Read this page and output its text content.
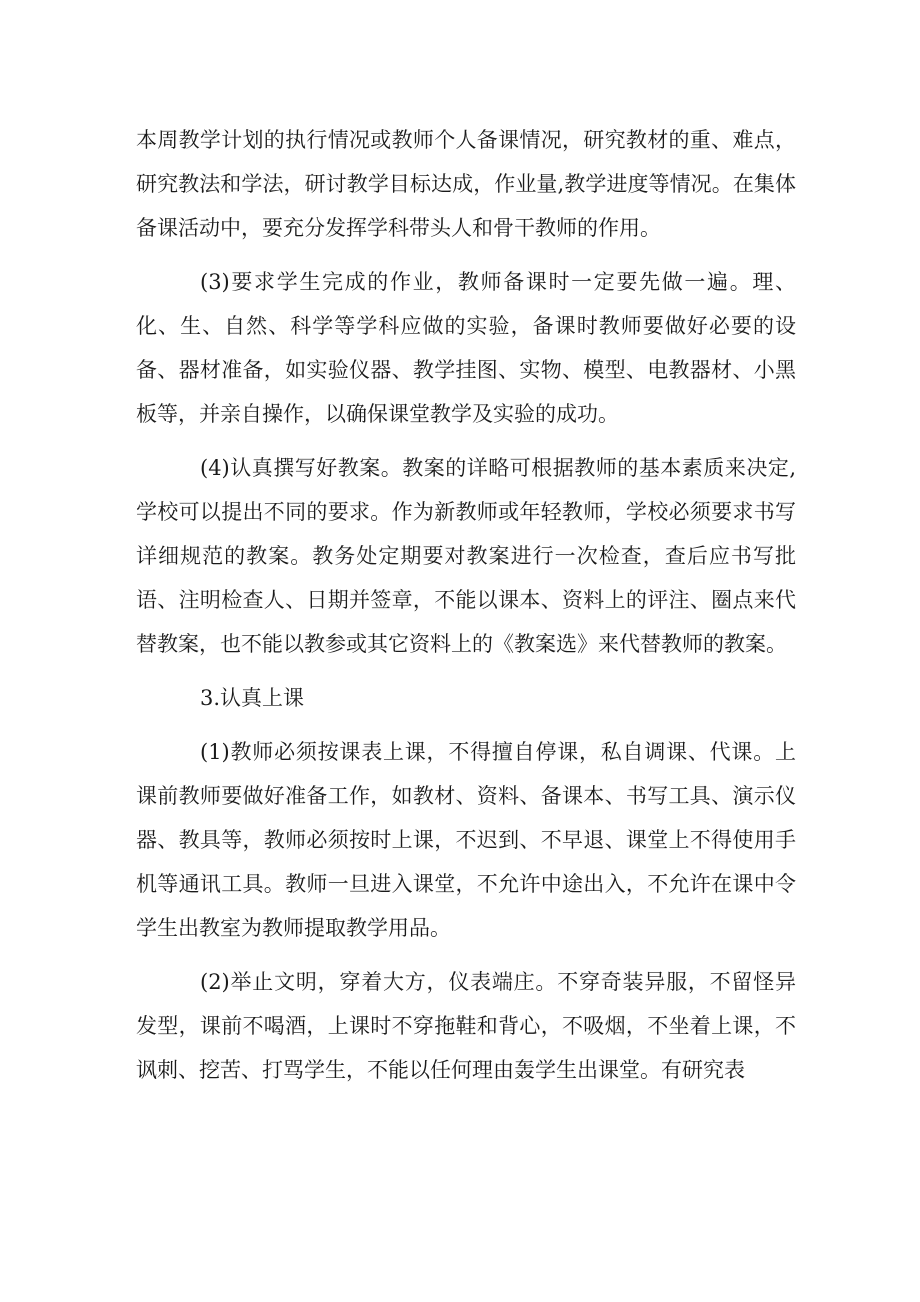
本周教学计划的执行情况或教师个人备课情况，研究教材的重、难点，研究教法和学法，研讨教学目标达成，作业量,教学进度等情况。在集体备课活动中，要充分发挥学科带头人和骨干教师的作用。

(3)要求学生完成的作业，教师备课时一定要先做一遍。理、化、生、自然、科学等学科应做的实验，备课时教师要做好必要的设备、器材准备，如实验仪器、教学挂图、实物、模型、电教器材、小黑板等，并亲自操作，以确保课堂教学及实验的成功。

(4)认真撰写好教案。教案的详略可根据教师的基本素质来决定,学校可以提出不同的要求。作为新教师或年轻教师，学校必须要求书写详细规范的教案。教务处定期要对教案进行一次检查，查后应书写批语、注明检查人、日期并签章，不能以课本、资料上的评注、圈点来代替教案，也不能以教参或其它资料上的《教案选》来代替教师的教案。

3.认真上课

(1)教师必须按课表上课，不得擅自停课，私自调课、代课。上课前教师要做好准备工作，如教材、资料、备课本、书写工具、演示仪器、教具等，教师必须按时上课，不迟到、不早退、课堂上不得使用手机等通讯工具。教师一旦进入课堂，不允许中途出入，不允许在课中令学生出教室为教师提取教学用品。

(2)举止文明，穿着大方，仪表端庄。不穿奇装异服，不留怪异发型，课前不喝酒，上课时不穿拖鞋和背心，不吸烟，不坐着上课，不讽刺、挖苦、打骂学生，不能以任何理由轰学生出课堂。有研究表
